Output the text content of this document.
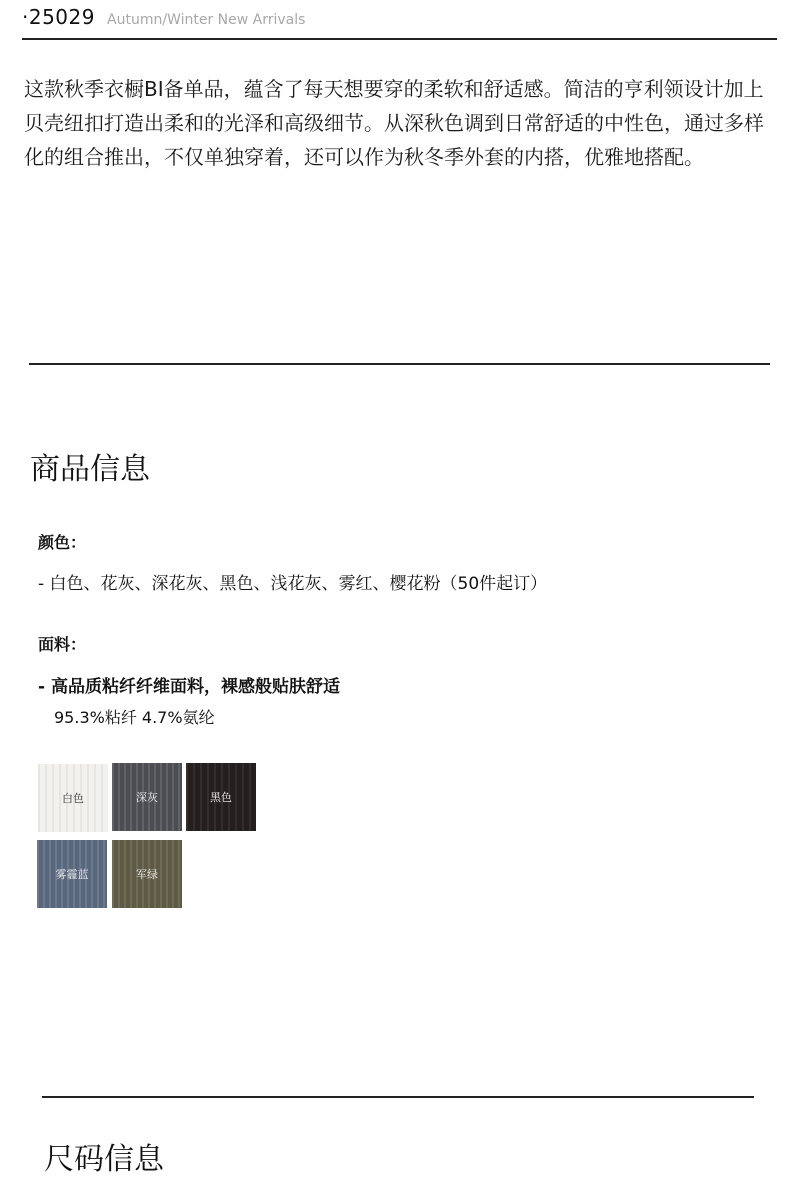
·25029 Autumn/Winter New Arrivals
这款秋季衣橱BI备单品，蕴含了每天想要穿的柔软和舒适感。简洁的亨利领设计加上贝壳纽扣打造出柔和的光泽和高级细节。从深秋色调到日常舒适的中性色，通过多样化的组合推出，不仅单独穿着，还可以作为秋冬季外套的内搭，优雅地搭配。
商品信息
颜色：
- 白色、花灰、深花灰、黑色、浅花灰、雾红、樱花粉（50件起订）
面料：
- 高品质粘纤纤维面料，裸感般贴肤舒适
95.3%粘纤 4.7%氨纶
白色	深灰	黑色
雾霾蓝	军绿
尺码信息
